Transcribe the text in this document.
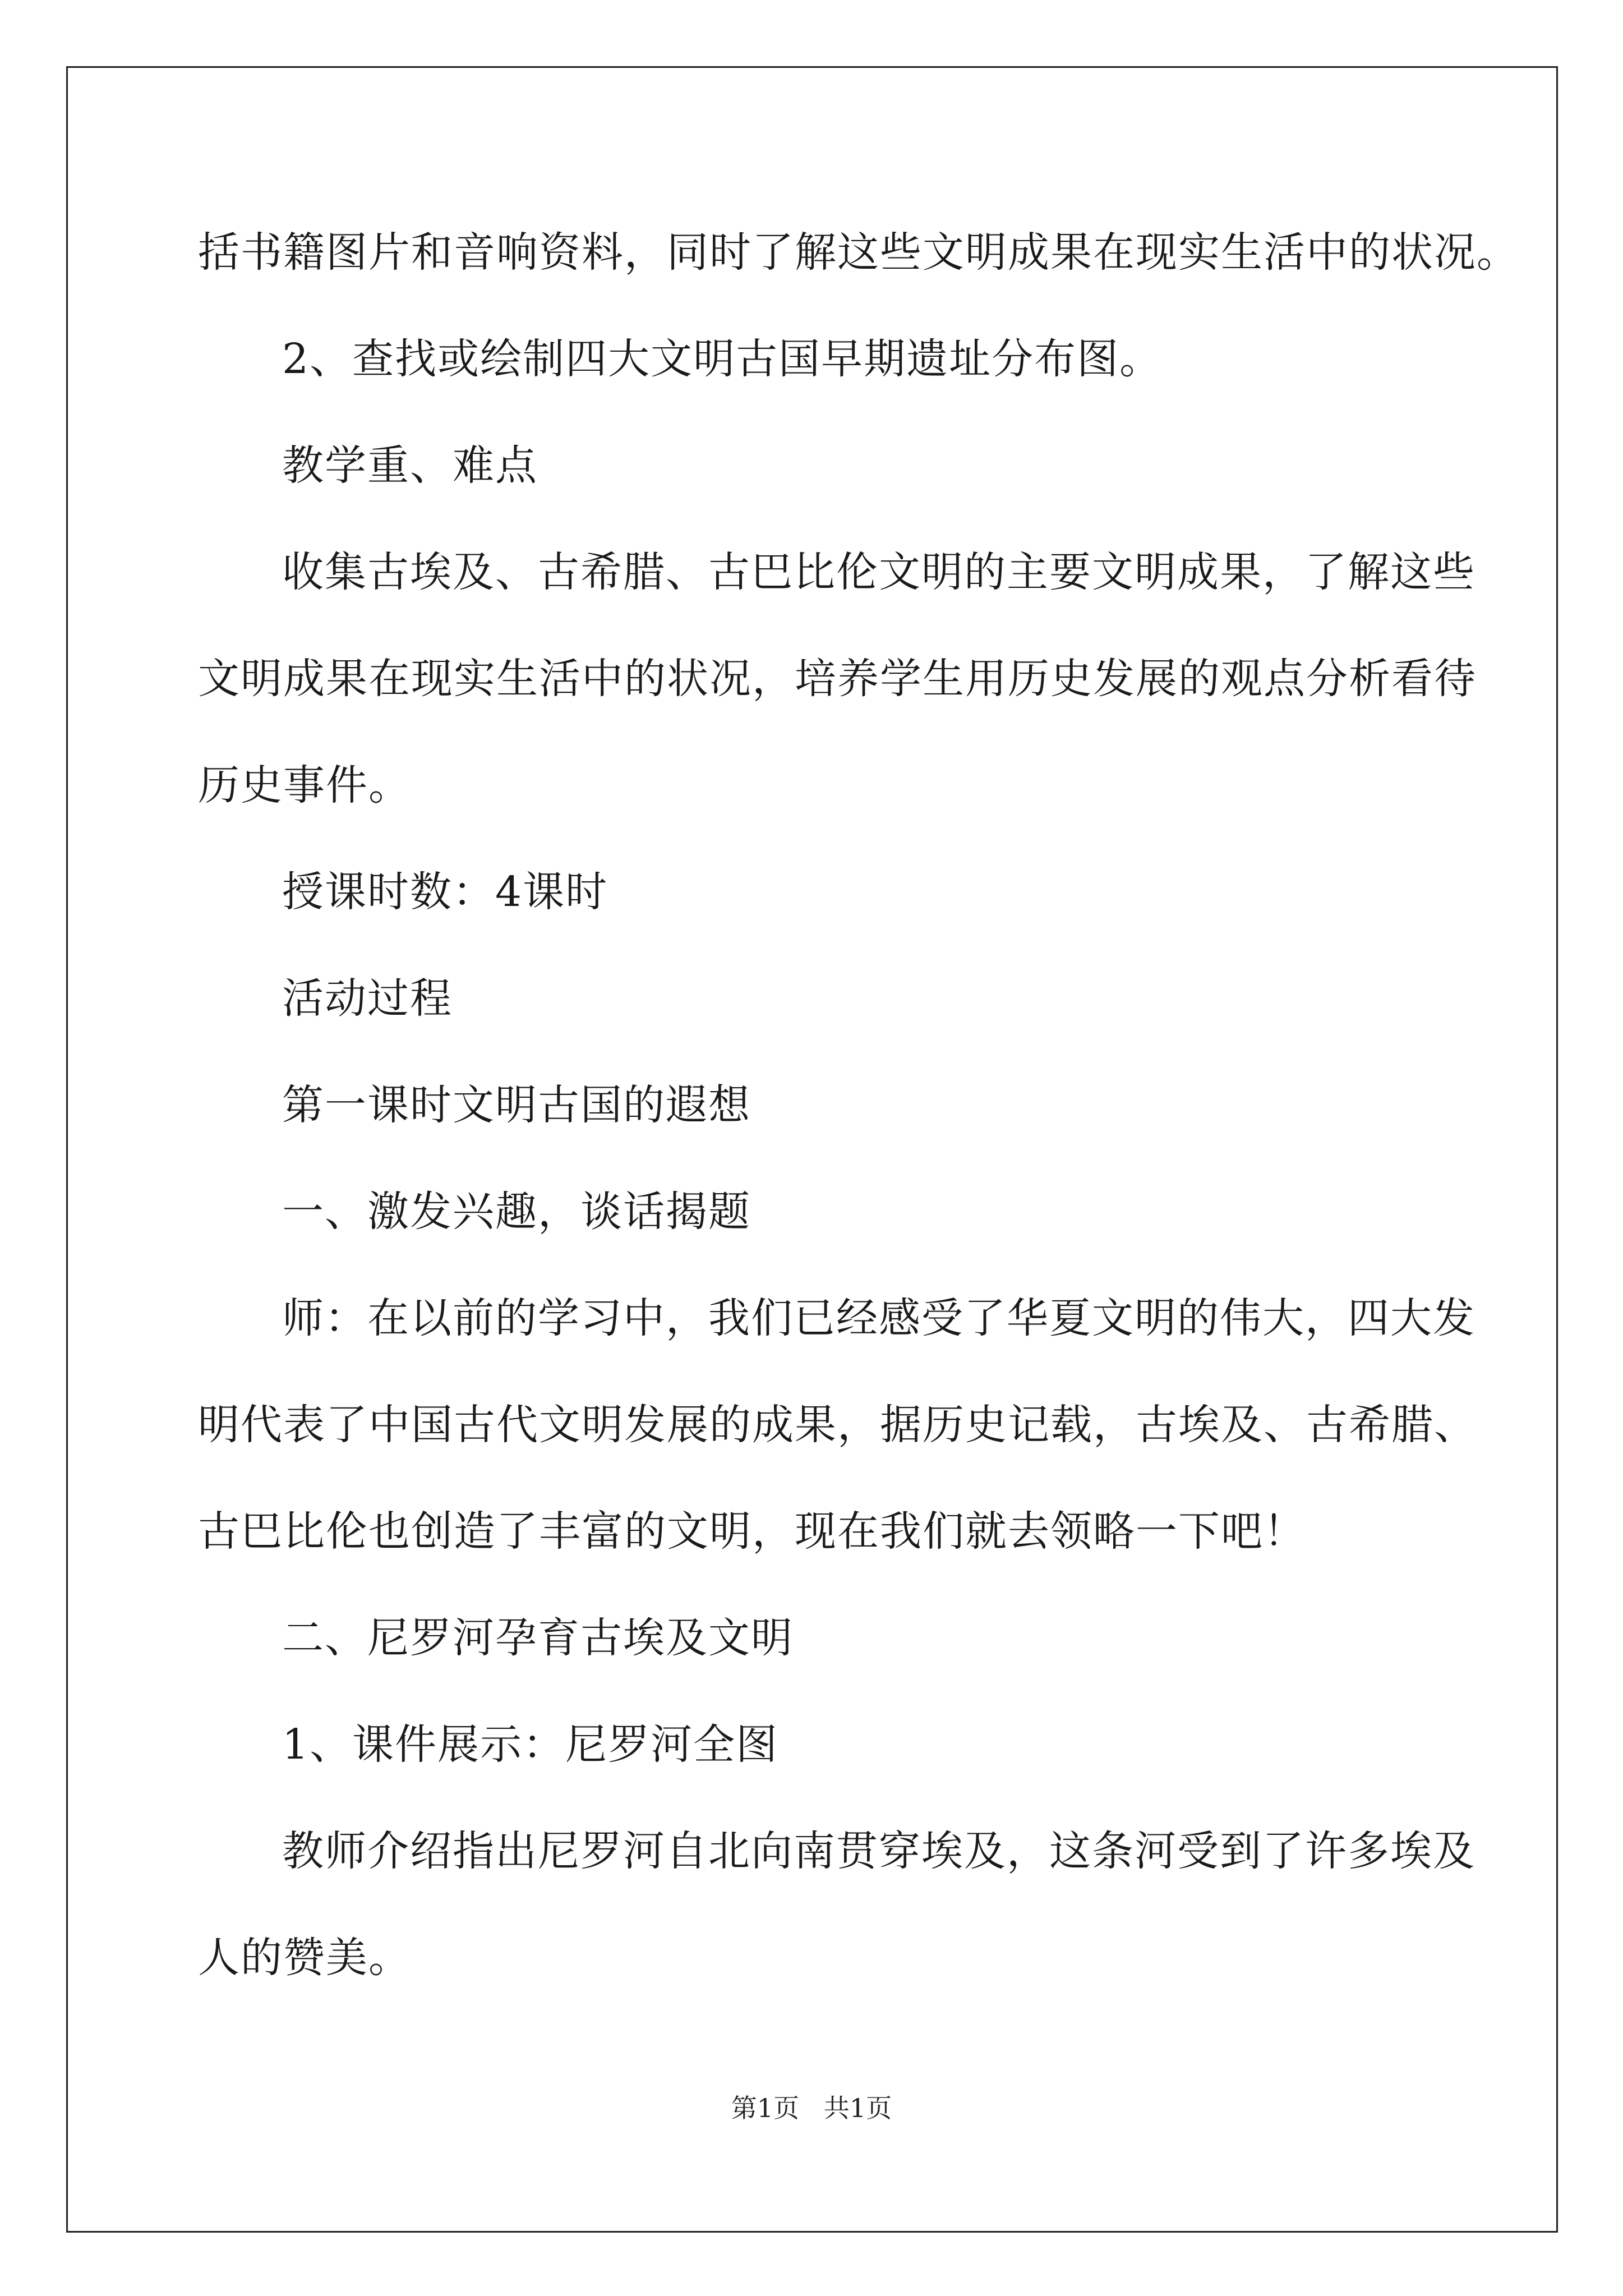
括书籍图片和音响资料，同时了解这些文明成果在现实生活中的状况。
2、查找或绘制四大文明古国早期遗址分布图。
教学重、难点
收集古埃及、古希腊、古巴比伦文明的主要文明成果，了解这些
文明成果在现实生活中的状况，培养学生用历史发展的观点分析看待
历史事件。
授课时数：4课时
活动过程
第一课时文明古国的遐想
一、激发兴趣，谈话揭题
师：在以前的学习中，我们已经感受了华夏文明的伟大，四大发
明代表了中国古代文明发展的成果，据历史记载，古埃及、古希腊、
古巴比伦也创造了丰富的文明，现在我们就去领略一下吧！
二、尼罗河孕育古埃及文明
1、课件展示：尼罗河全图
教师介绍指出尼罗河自北向南贯穿埃及，这条河受到了许多埃及
人的赞美。
第1页   共1页
